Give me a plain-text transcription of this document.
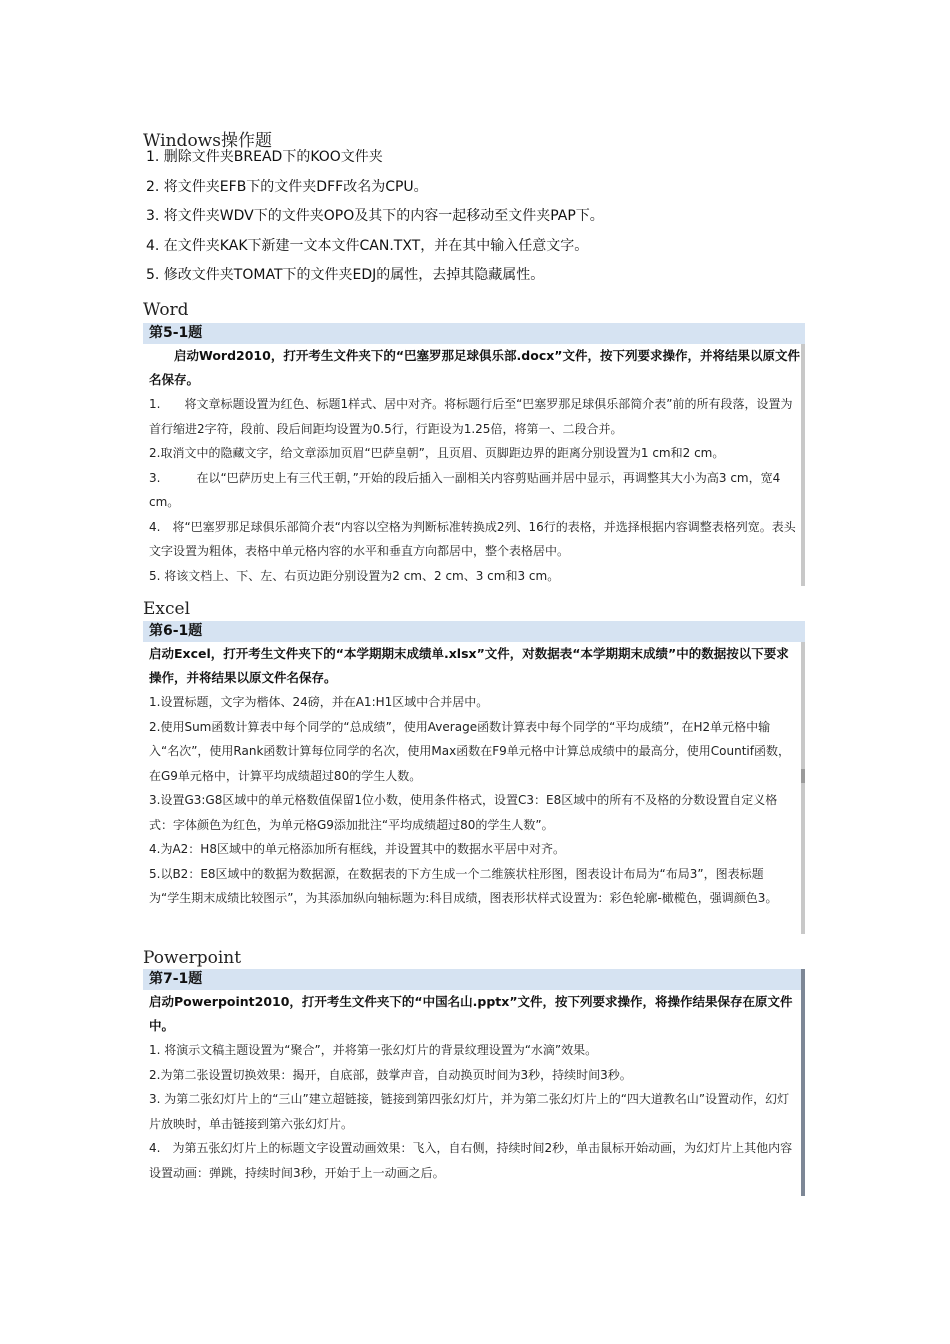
Windows操作题
1. 删除文件夹BREAD下的KOO文件夹
2. 将文件夹EFB下的文件夹DFF改名为CPU。
3. 将文件夹WDV下的文件夹OPO及其下的内容一起移动至文件夹PAP下。
4. 在文件夹KAK下新建一文本文件CAN.TXT，并在其中输入任意文字。
5. 修改文件夹TOMAT下的文件夹EDJ的属性，去掉其隐藏属性。
Word
第5-1题
　　启动Word2010，打开考生文件夹下的“巴塞罗那足球俱乐部.docx”文件，按下列要求操作，并将结果以原文件名保存。
1.　　将文章标题设置为红色、标题1样式、居中对齐。将标题行后至“巴塞罗那足球俱乐部简介表”前的所有段落，设置为首行缩进2字符，段前、段后间距均设置为0.5行，行距设为1.25倍，将第一、二段合并。
2.取消文中的隐藏文字，给文章添加页眉“巴萨皇朝”，且页眉、页脚距边界的距离分别设置为1 cm和2 cm。
3.　　　在以“巴萨历史上有三代王朝，”开始的段后插入一副相关内容剪贴画并居中显示，再调整其大小为高3 cm，宽4 cm。
4.　将“巴塞罗那足球俱乐部简介表“内容以空格为判断标准转换成2列、16行的表格，并选择根据内容调整表格列宽。表头文字设置为粗体，表格中单元格内容的水平和垂直方向都居中，整个表格居中。
5. 将该文档上、下、左、右页边距分别设置为2 cm、2 cm、3 cm和3 cm。
Excel
第6-1题
启动Excel，打开考生文件夹下的“本学期期末成绩单.xlsx”文件，对数据表“本学期期末成绩”中的数据按以下要求操作，并将结果以原文件名保存。
1.设置标题，文字为楷体、24磅，并在A1:H1区域中合并居中。
2.使用Sum函数计算表中每个同学的“总成绩”，使用Average函数计算表中每个同学的“平均成绩”，在H2单元格中输入“名次”，使用Rank函数计算每位同学的名次，使用Max函数在F9单元格中计算总成绩中的最高分，使用Countif函数，在G9单元格中，计算平均成绩超过80的学生人数。
3.设置G3:G8区域中的单元格数值保留1位小数，使用条件格式，设置C3：E8区域中的所有不及格的分数设置自定义格式：字体颜色为红色，为单元格G9添加批注“平均成绩超过80的学生人数”。
4.为A2：H8区域中的单元格添加所有框线，并设置其中的数据水平居中对齐。
5.以B2：E8区域中的数据为数据源，在数据表的下方生成一个二维簇状柱形图，图表设计布局为“布局3”，图表标题为“学生期末成绩比较图示”，为其添加纵向轴标题为:科目成绩，图表形状样式设置为：彩色轮廓-橄榄色，强调颜色3。
Powerpoint
第7-1题
启动Powerpoint2010，打开考生文件夹下的“中国名山.pptx”文件，按下列要求操作，将操作结果保存在原文件中。
1. 将演示文稿主题设置为“聚合”，并将第一张幻灯片的背景纹理设置为“水滴”效果。
2.为第二张设置切换效果：揭开，自底部，鼓掌声音，自动换页时间为3秒，持续时间3秒。
3. 为第二张幻灯片上的“三山”建立超链接，链接到第四张幻灯片，并为第二张幻灯片上的“四大道教名山”设置动作，幻灯片放映时，单击链接到第六张幻灯片。
4.　为第五张幻灯片上的标题文字设置动画效果：飞入，自右侧，持续时间2秒，单击鼠标开始动画，为幻灯片上其他内容设置动画：弹跳，持续时间3秒，开始于上一动画之后。
